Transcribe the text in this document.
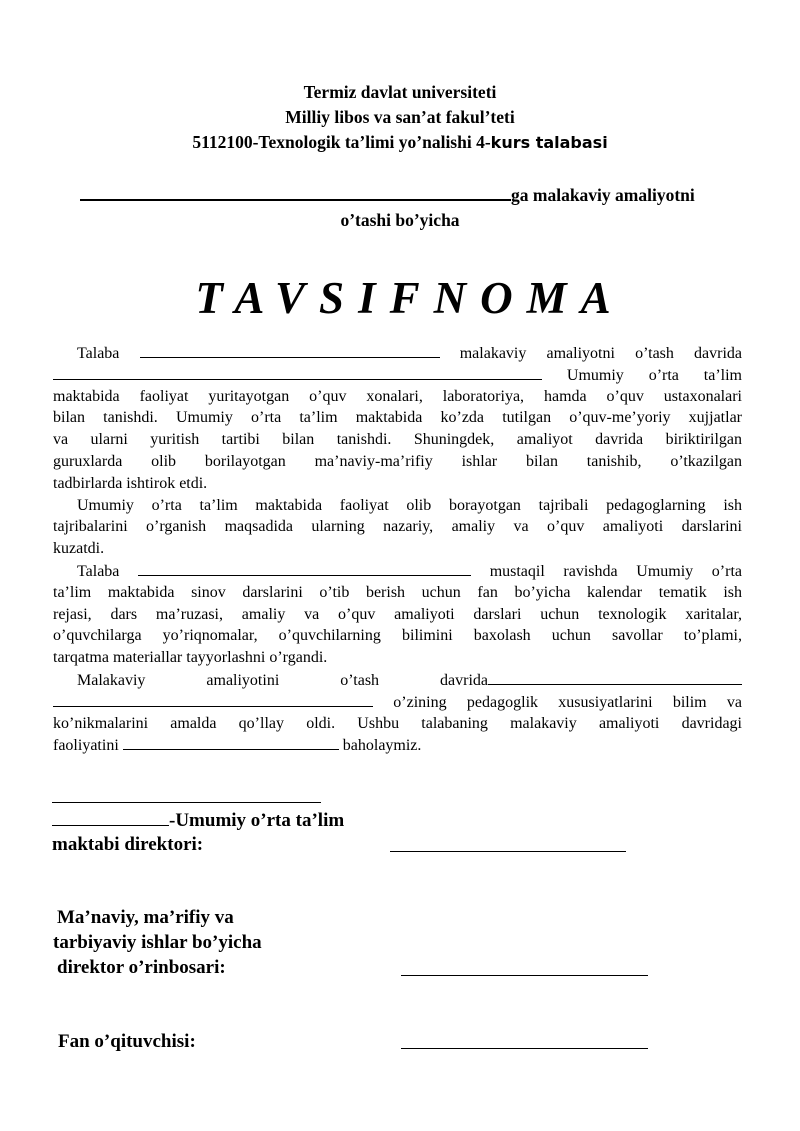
Termiz davlat universiteti
Milliy libos va san’at fakul’teti
5112100-Texnologik ta’limi yo’nalishi 4-kurs talabasi
ga malakaviy amaliyotni
o’tashi bo’yicha
TAVSIFNOMA
Talaba	malakaviy amaliyotni o’tash davrida
Umumiy o’rta ta’lim
maktabida faoliyat yuritayotgan o’quv xonalari, laboratoriya, hamda o’quv ustaxonalari
bilan tanishdi. Umumiy o’rta ta’lim maktabida ko’zda tutilgan o’quv-me’yoriy xujjatlar
va ularni yuritish tartibi bilan tanishdi. Shuningdek, amaliyot davrida biriktirilgan
guruxlarda olib borilayotgan ma’naviy-ma’rifiy ishlar bilan tanishib, o’tkazilgan
tadbirlarda ishtirok etdi.
Umumiy o’rta ta’lim maktabida faoliyat olib borayotgan tajribali pedagoglarning ish
tajribalarini o’rganish maqsadida ularning nazariy, amaliy va o’quv amaliyoti darslarini
kuzatdi.
Talaba	mustaqil ravishda Umumiy o’rta
ta’lim maktabida sinov darslarini o’tib berish uchun fan bo’yicha kalendar tematik ish
rejasi, dars ma’ruzasi, amaliy va o’quv amaliyoti darslari uchun texnologik xaritalar,
o’quvchilarga yo’riqnomalar, o’quvchilarning bilimini baxolash uchun savollar to’plami,
tarqatma materiallar tayyorlashni o’rgandi.
Malakaviy	amaliyotini	o’tash	davrida
o’zining pedagoglik xususiyatlarini bilim va
ko’nikmalarini amalda qo’llay oldi. Ushbu talabaning malakaviy amaliyoti davridagi
faoliyatini	baholaymiz.
-Umumiy o’rta ta’lim
maktabi direktori:
Ma’naviy, ma’rifiy va
tarbiyaviy ishlar bo’yicha
direktor o’rinbosari:
Fan o’qituvchisi:
